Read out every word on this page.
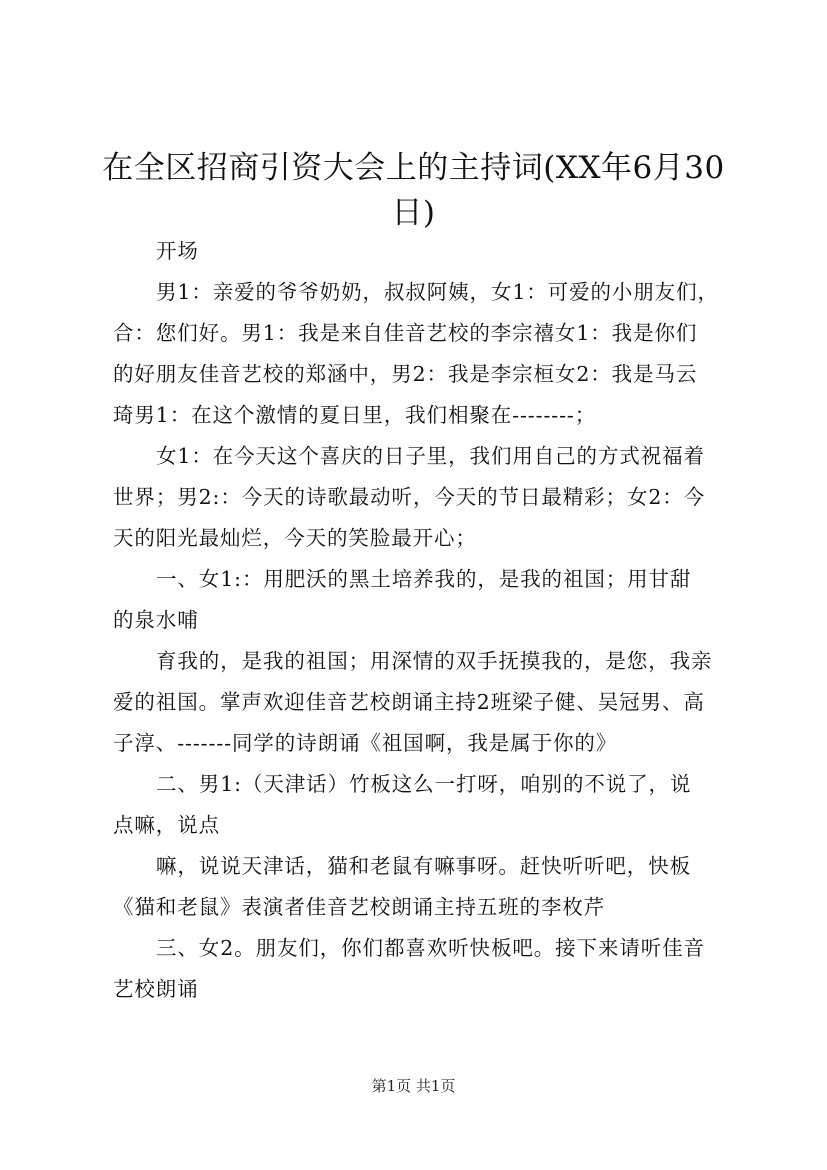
在全区招商引资大会上的主持词(XX年6月30
日)
开场
男1：亲爱的爷爷奶奶，叔叔阿姨，女1：可爱的小朋友们，
合：您们好。男1：我是来自佳音艺校的李宗禧女1：我是你们
的好朋友佳音艺校的郑涵中，男2：我是李宗桓女2：我是马云
琦男1：在这个激情的夏日里，我们相聚在--------；
女1：在今天这个喜庆的日子里，我们用自己的方式祝福着
世界；男2:：今天的诗歌最动听，今天的节日最精彩；女2：今
天的阳光最灿烂，今天的笑脸最开心；
一、女1:：用肥沃的黑土培养我的，是我的祖国；用甘甜
的泉水哺
育我的，是我的祖国；用深情的双手抚摸我的，是您，我亲
爱的祖国。掌声欢迎佳音艺校朗诵主持2班梁子健、吴冠男、高
子淳、-------同学的诗朗诵《祖国啊，我是属于你的》
二、男1:（天津话）竹板这么一打呀，咱别的不说了，说
点嘛，说点
嘛，说说天津话，猫和老鼠有嘛事呀。赶快听听吧，快板
《猫和老鼠》表演者佳音艺校朗诵主持五班的李枚芹
三、女2。朋友们，你们都喜欢听快板吧。接下来请听佳音
艺校朗诵
第1页 共1页
